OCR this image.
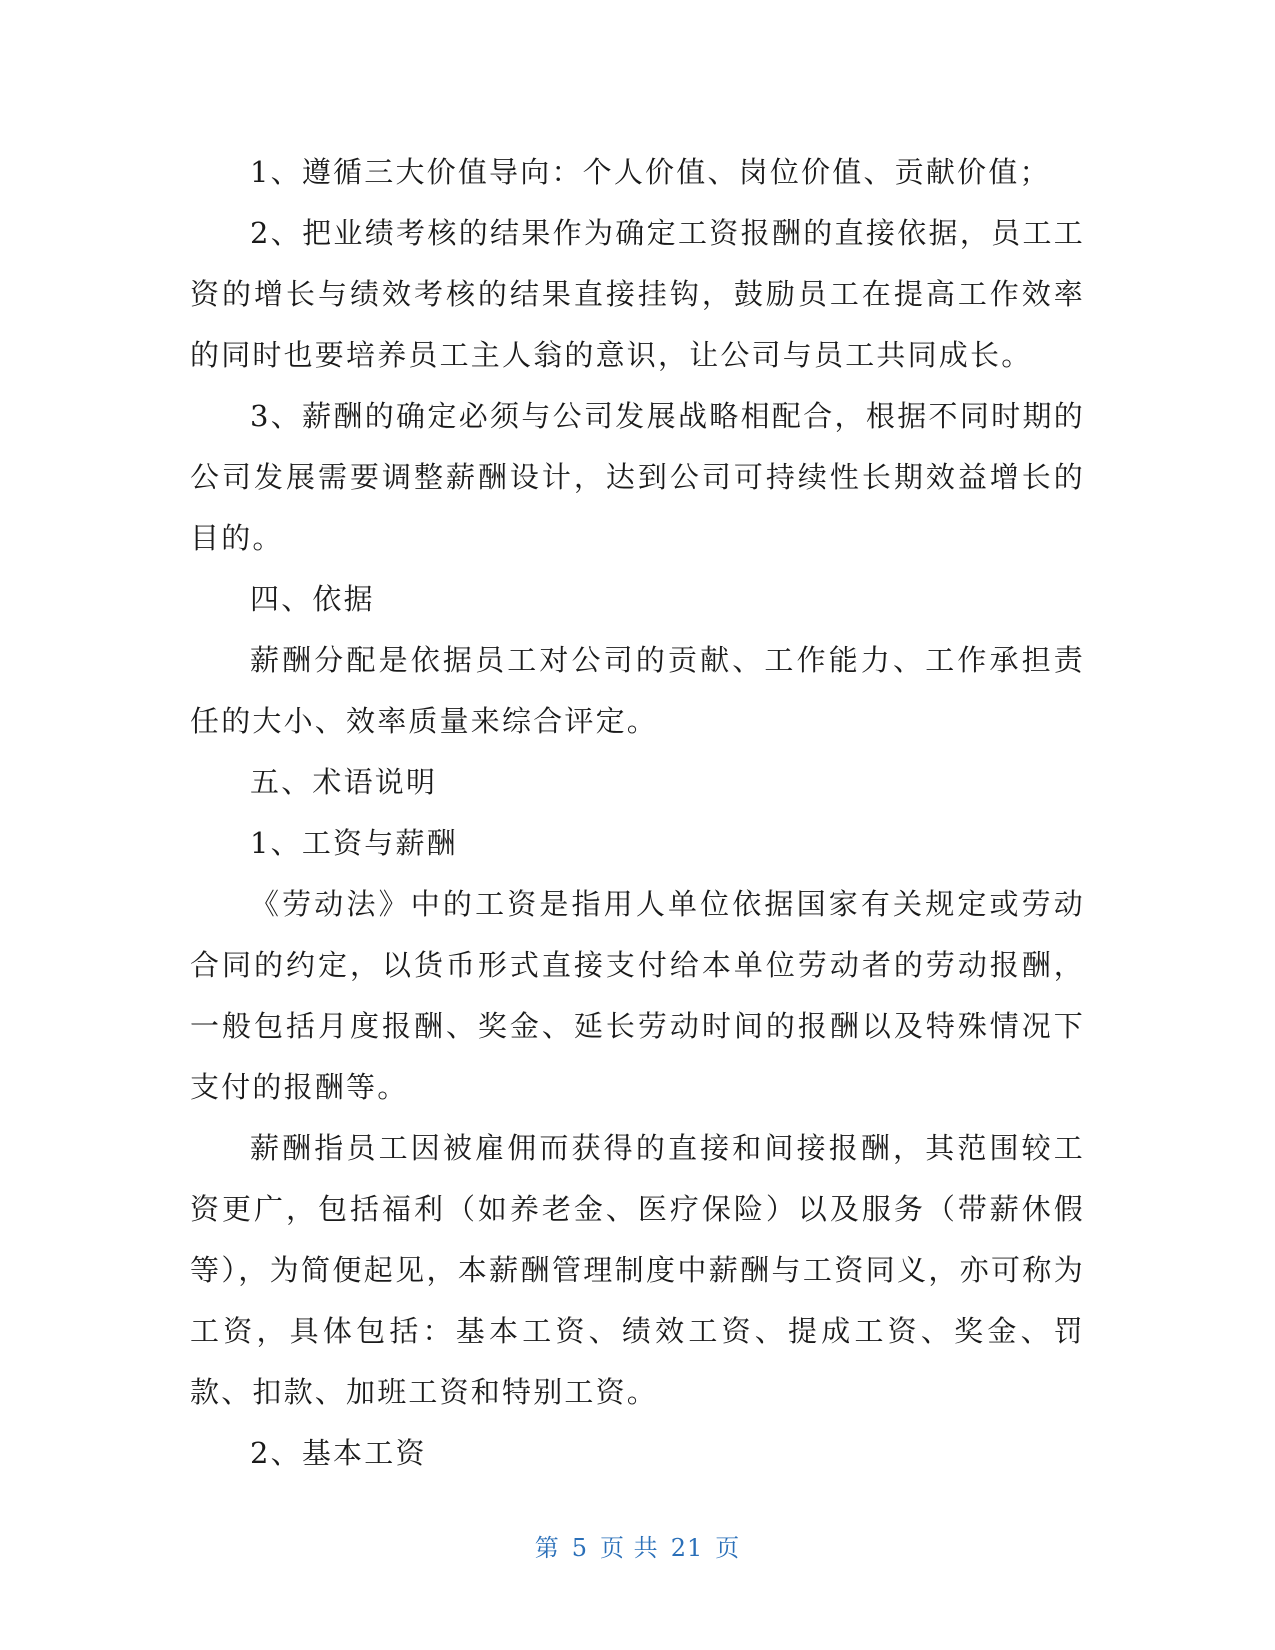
1、遵循三大价值导向：个人价值、岗位价值、贡献价值；

2、把业绩考核的结果作为确定工资报酬的直接依据，员工工资的增长与绩效考核的结果直接挂钩，鼓励员工在提高工作效率的同时也要培养员工主人翁的意识，让公司与员工共同成长。

3、薪酬的确定必须与公司发展战略相配合，根据不同时期的公司发展需要调整薪酬设计，达到公司可持续性长期效益增长的目的。

四、依据

薪酬分配是依据员工对公司的贡献、工作能力、工作承担责任的大小、效率质量来综合评定。

五、术语说明

1、工资与薪酬

《劳动法》中的工资是指用人单位依据国家有关规定或劳动合同的约定，以货币形式直接支付给本单位劳动者的劳动报酬，一般包括月度报酬、奖金、延长劳动时间的报酬以及特殊情况下支付的报酬等。

薪酬指员工因被雇佣而获得的直接和间接报酬，其范围较工资更广，包括福利（如养老金、医疗保险）以及服务（带薪休假等），为简便起见，本薪酬管理制度中薪酬与工资同义，亦可称为工资，具体包括：基本工资、绩效工资、提成工资、奖金、罚款、扣款、加班工资和特别工资。

2、基本工资

第 5 页 共 21 页
